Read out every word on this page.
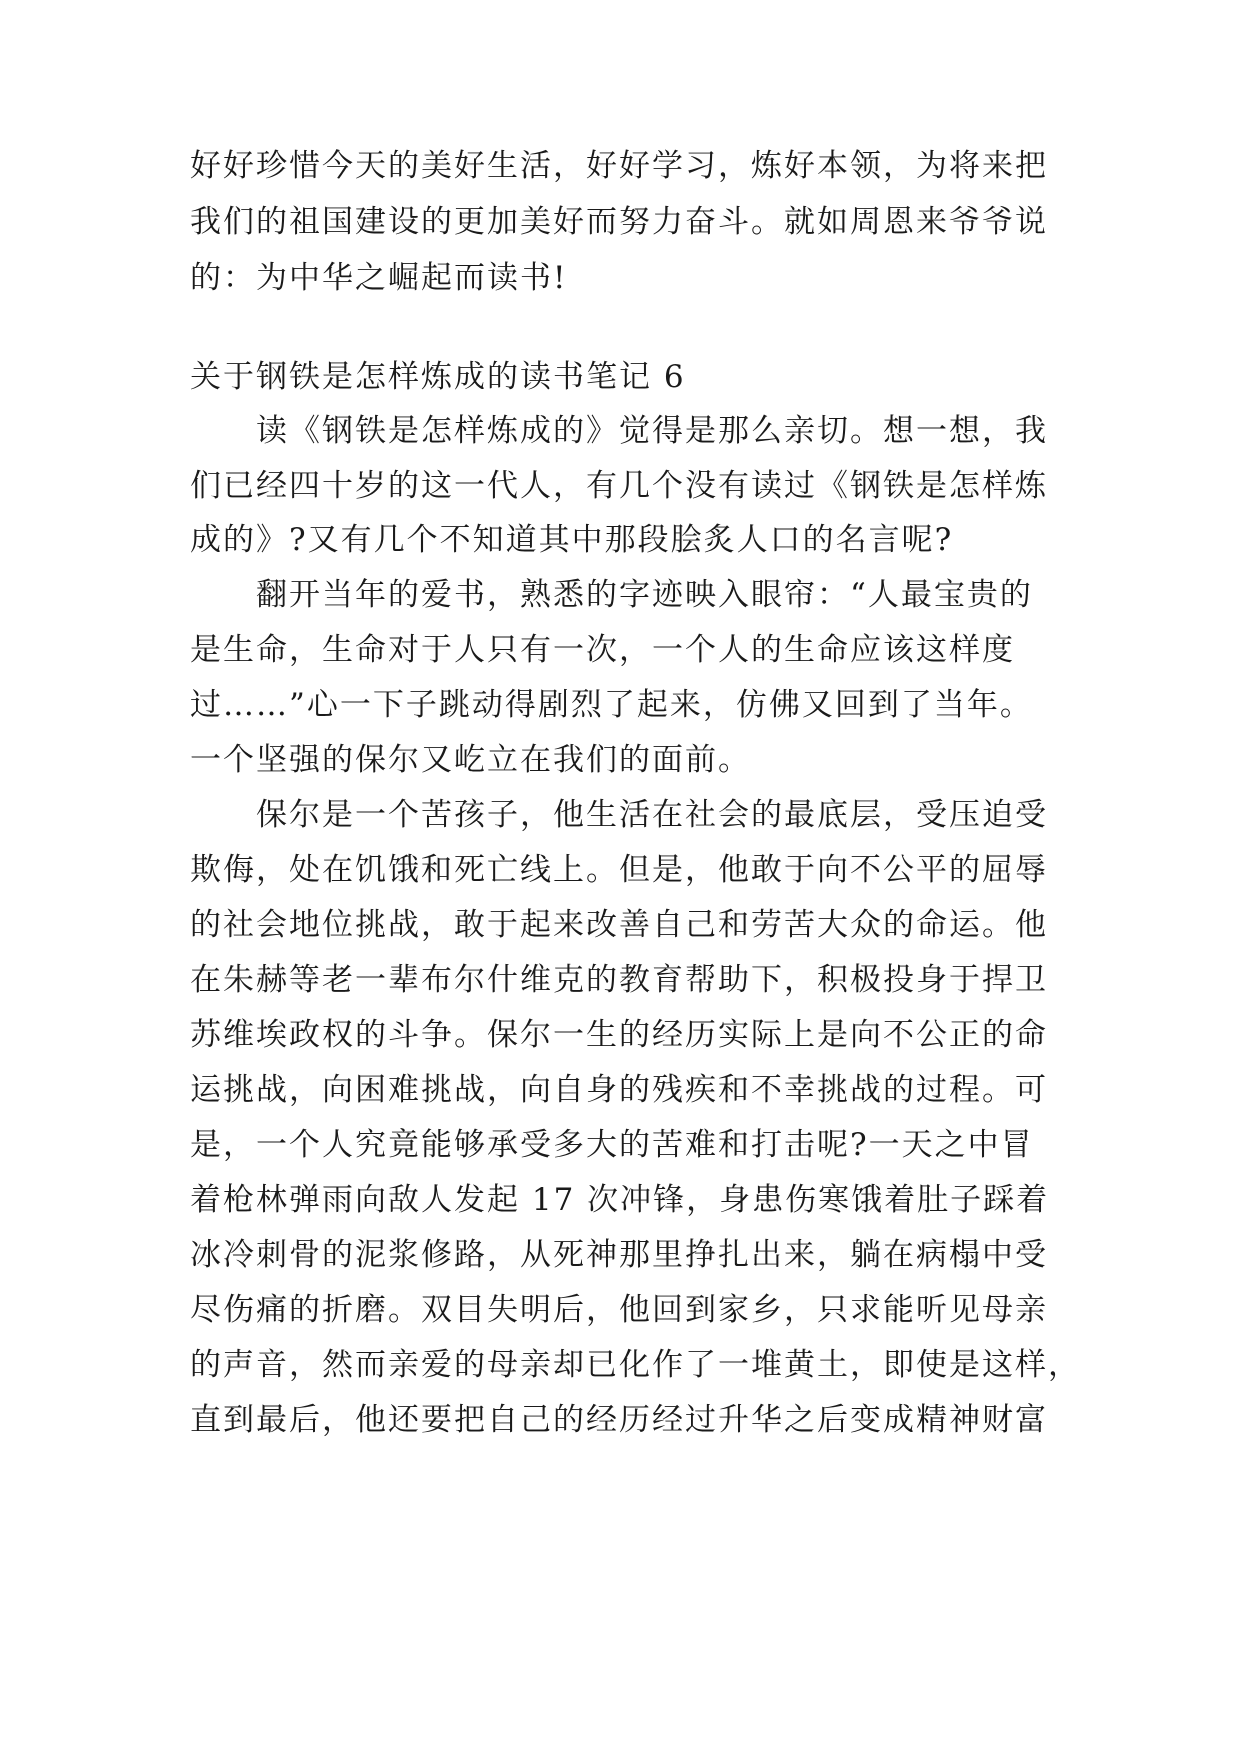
好好珍惜今天的美好生活，好好学习，炼好本领，为将来把
我们的祖国建设的更加美好而努力奋斗。就如周恩来爷爷说
的：为中华之崛起而读书!
关于钢铁是怎样炼成的读书笔记 6
读《钢铁是怎样炼成的》觉得是那么亲切。想一想，我
们已经四十岁的这一代人，有几个没有读过《钢铁是怎样炼
成的》?又有几个不知道其中那段脍炙人口的名言呢?
翻开当年的爱书，熟悉的字迹映入眼帘：“人最宝贵的
是生命，生命对于人只有一次，一个人的生命应该这样度
过……”心一下子跳动得剧烈了起来，仿佛又回到了当年。
一个坚强的保尔又屹立在我们的面前。
保尔是一个苦孩子，他生活在社会的最底层，受压迫受
欺侮，处在饥饿和死亡线上。但是，他敢于向不公平的屈辱
的社会地位挑战，敢于起来改善自己和劳苦大众的命运。他
在朱赫等老一辈布尔什维克的教育帮助下，积极投身于捍卫
苏维埃政权的斗争。保尔一生的经历实际上是向不公正的命
运挑战，向困难挑战，向自身的残疾和不幸挑战的过程。可
是，一个人究竟能够承受多大的苦难和打击呢?一天之中冒
着枪林弹雨向敌人发起 17 次冲锋，身患伤寒饿着肚子踩着
冰冷刺骨的泥浆修路，从死神那里挣扎出来，躺在病榻中受
尽伤痛的折磨。双目失明后，他回到家乡，只求能听见母亲
的声音，然而亲爱的母亲却已化作了一堆黄土，即使是这样，
直到最后，他还要把自己的经历经过升华之后变成精神财富
